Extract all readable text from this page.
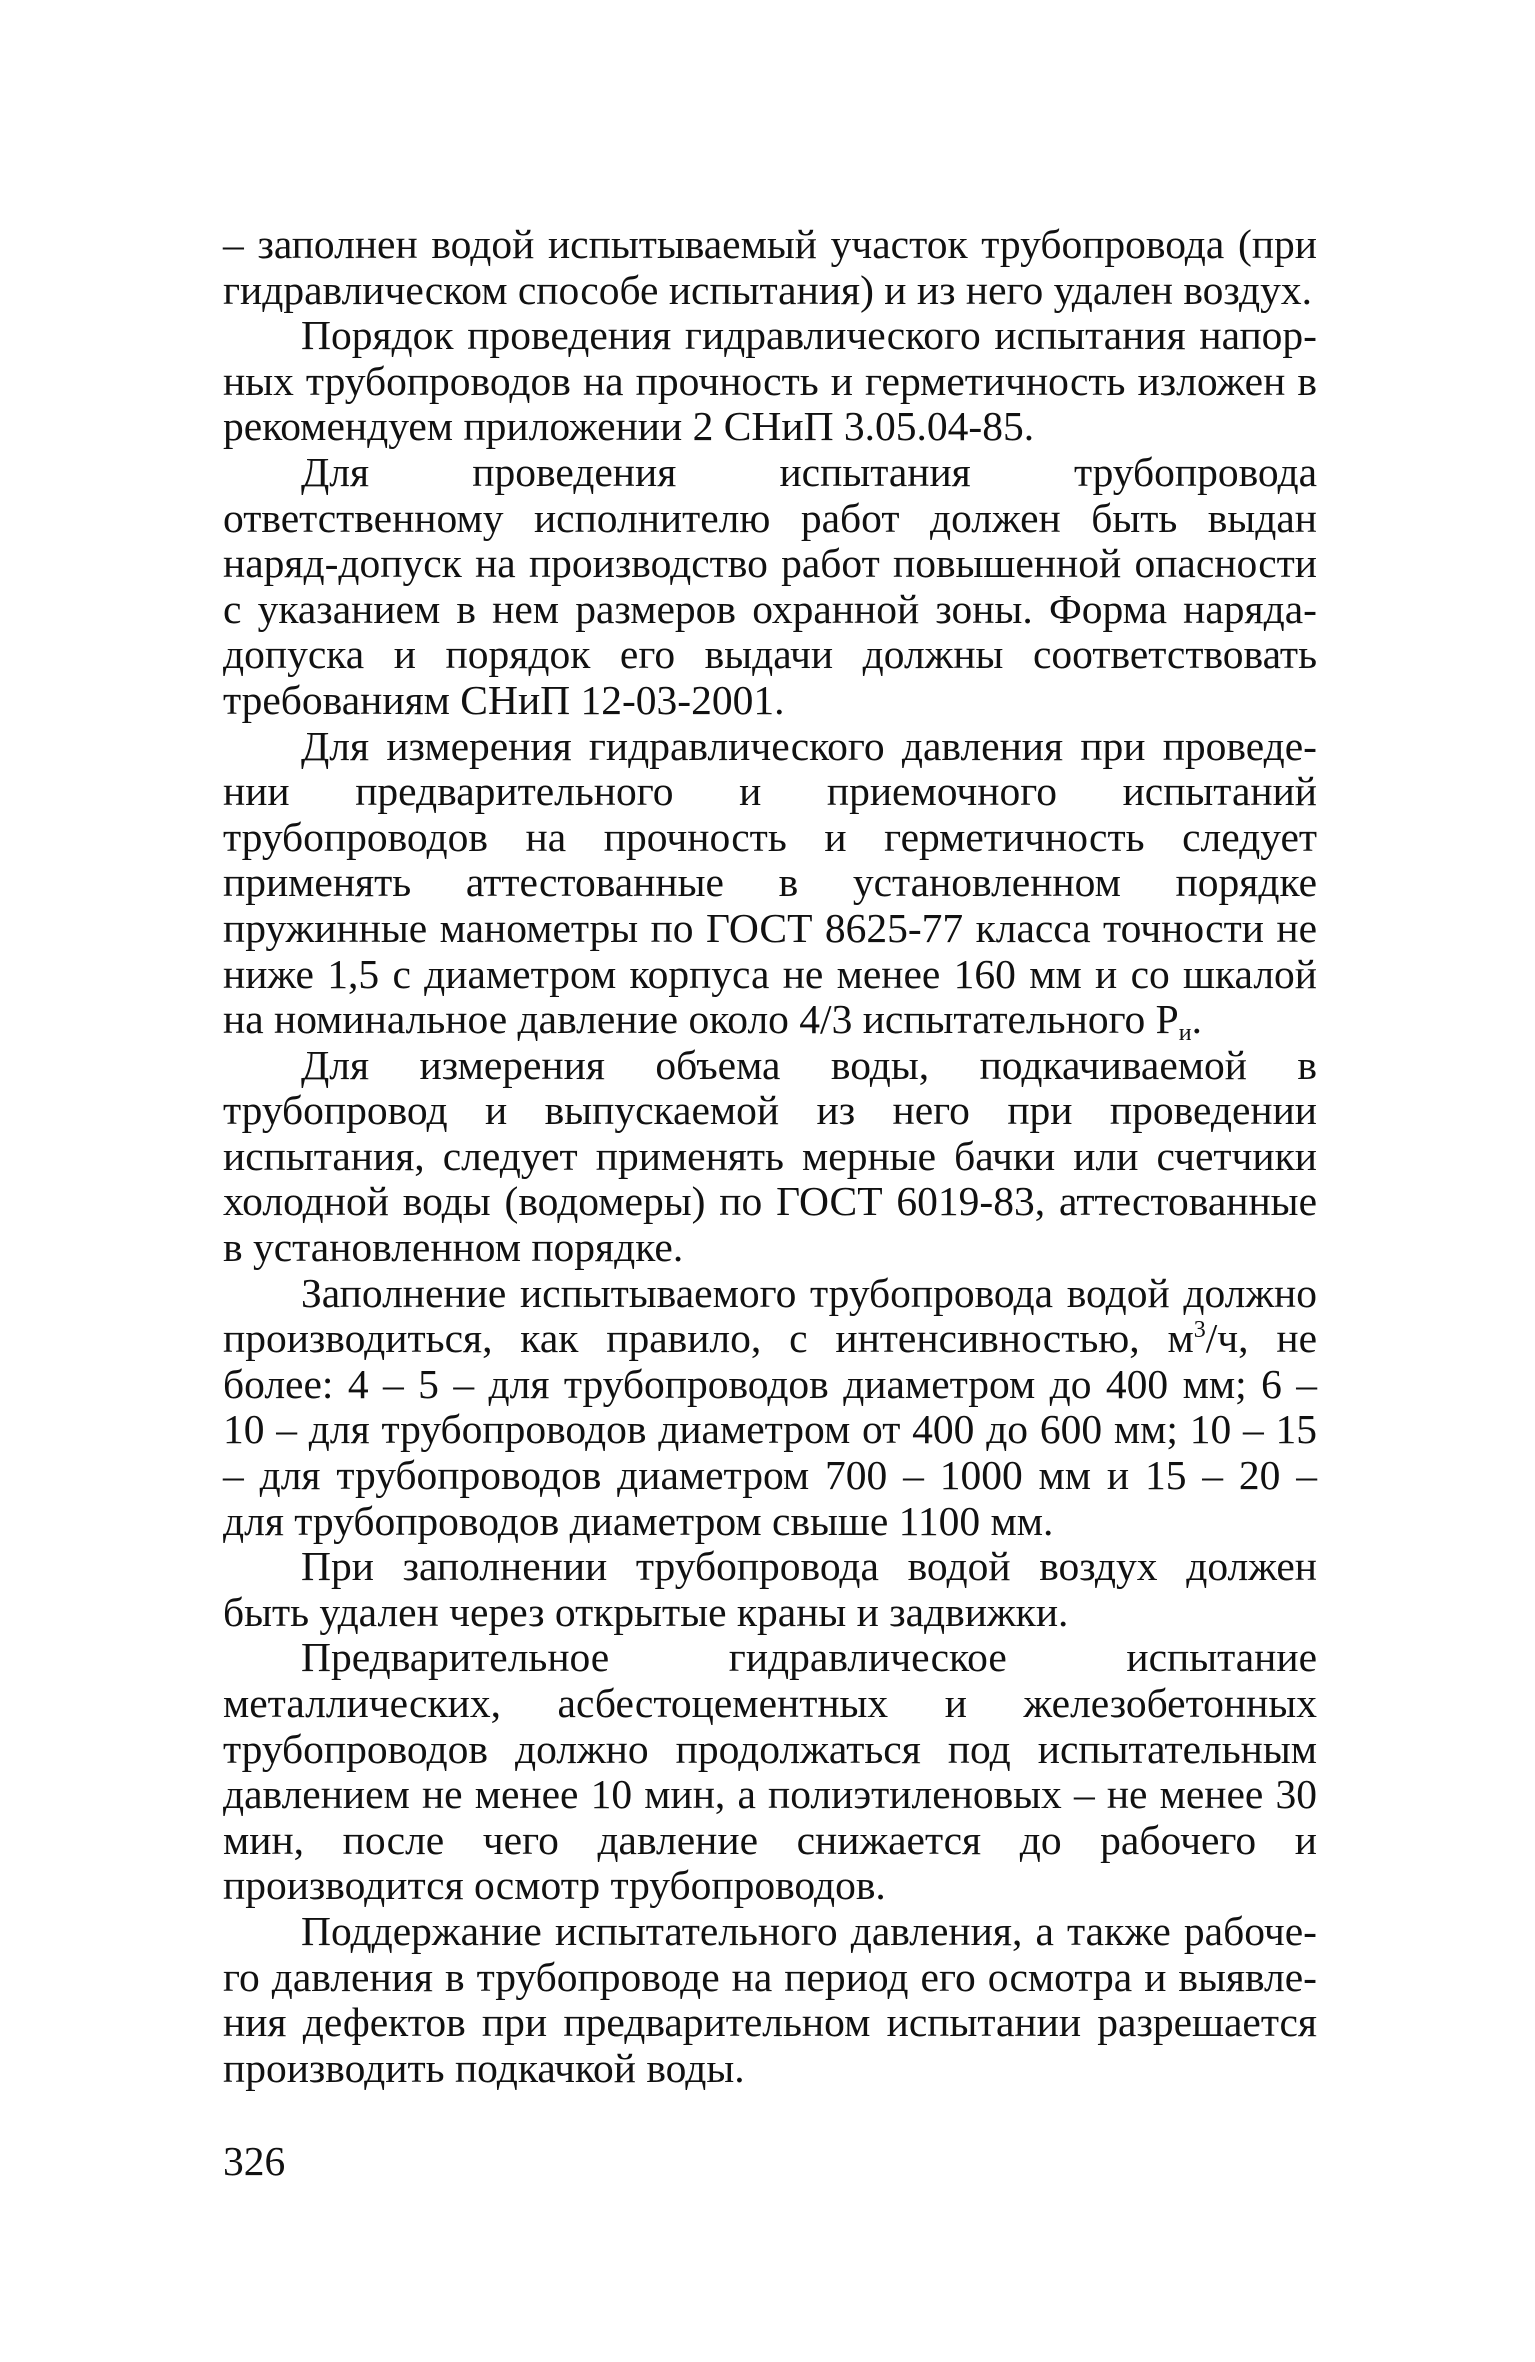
– заполнен водой испытываемый участок трубопровода (при гидравлическом способе испытания) и из него удален воздух.

Порядок проведения гидравлического испытания напорных трубопроводов на прочность и герметичность изложен в рекомендуем приложении 2 СНиП 3.05.04-85.

Для проведения испытания трубопровода ответственному исполнителю работ должен быть выдан наряд-допуск на производство работ повышенной опасности с указанием в нем размеров охранной зоны. Форма наряда-допуска и порядок его выдачи должны соответствовать требованиям СНиП 12-03-2001.

Для измерения гидравлического давления при проведении предварительного и приемочного испытаний трубопроводов на прочность и герметичность следует применять аттестованные в установленном порядке пружинные манометры по ГОСТ 8625-77 класса точности не ниже 1,5 с диаметром корпуса не менее 160 мм и со шкалой на номинальное давление около 4/3 испытательного $P_и$.

Для измерения объема воды, подкачиваемой в трубопровод и выпускаемой из него при проведении испытания, следует применять мерные бачки или счетчики холодной воды (водомеры) по ГОСТ 6019-83, аттестованные в установленном порядке.

Заполнение испытываемого трубопровода водой должно производиться, как правило, с интенсивностью, $м^3/ч$, не более: 4 – 5 – для трубопроводов диаметром до 400 мм; 6 – 10 – для трубопроводов диаметром от 400 до 600 мм; 10 – 15 – для трубопроводов диаметром 700 – 1000 мм и 15 – 20 – для трубопроводов диаметром свыше 1100 мм.

При заполнении трубопровода водой воздух должен быть удален через открытые краны и задвижки.

Предварительное гидравлическое испытание металлических, асбестоцементных и железобетонных трубопроводов должно продолжаться под испытательным давлением не менее 10 мин, а полиэтиленовых – не менее 30 мин, после чего давление снижается до рабочего и производится осмотр трубопроводов.

Поддержание испытательного давления, а также рабочего давления в трубопроводе на период его осмотра и выявления дефектов при предварительном испытании разрешается производить подкачкой воды.

326
